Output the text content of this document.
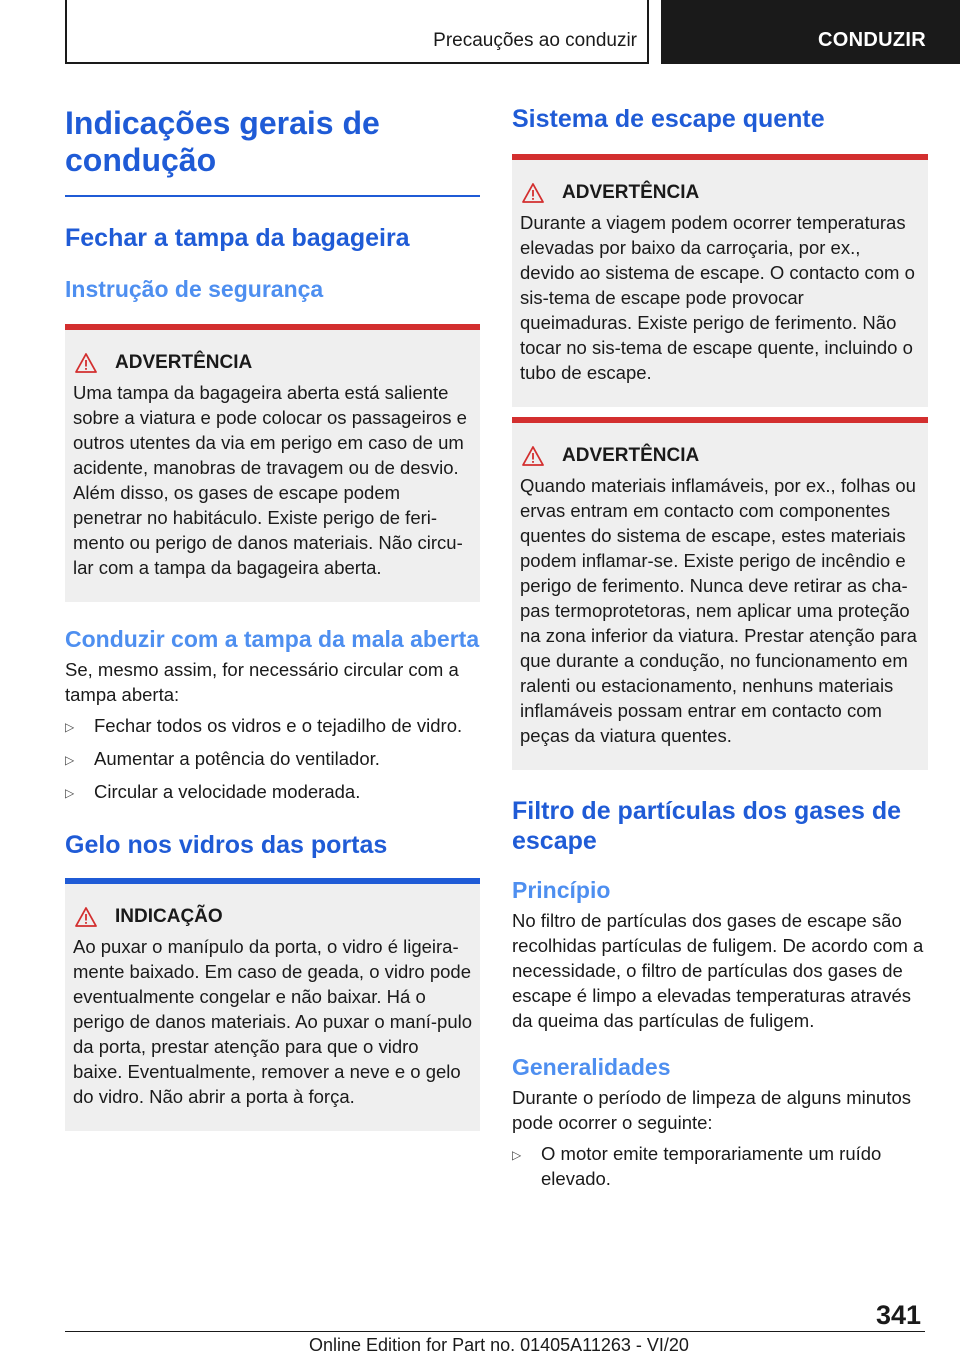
Precauções ao conduzir	CONDUZIR
Indicações gerais de condução
Fechar a tampa da bagageira
Instrução de segurança
ADVERTÊNCIA

Uma tampa da bagageira aberta está saliente sobre a viatura e pode colocar os passageiros e outros utentes da via em perigo em caso de um acidente, manobras de travagem ou de desvio. Além disso, os gases de escape podem penetrar no habitáculo. Existe perigo de feri-mento ou perigo de danos materiais. Não circu-lar com a tampa da bagageira aberta.

Conduzir com a tampa da mala aberta

Se, mesmo assim, for necessário circular com a tampa aberta:

▷	Fechar todos os vidros e o tejadilho de vidro.
▷	Aumentar a potência do ventilador.
▷	Circular a velocidade moderada.
Gelo nos vidros das portas
INDICAÇÃO

Ao puxar o manípulo da porta, o vidro é ligeira-mente baixado. Em caso de geada, o vidro pode eventualmente congelar e não baixar. Há o perigo de danos materiais. Ao puxar o maní-pulo da porta, prestar atenção para que o vidro baixe. Eventualmente, remover a neve e o gelo do vidro. Não abrir a porta à força.

Sistema de escape quente
ADVERTÊNCIA

Durante a viagem podem ocorrer temperaturas elevadas por baixo da carroçaria, por ex., devido ao sistema de escape. O contacto com o sis-tema de escape pode provocar queimaduras. Existe perigo de ferimento. Não tocar no sis-tema de escape quente, incluindo o tubo de escape.

ADVERTÊNCIA

Quando materiais inflamáveis, por ex., folhas ou ervas entram em contacto com componentes quentes do sistema de escape, estes materiais podem inflamar-se. Existe perigo de incêndio e perigo de ferimento. Nunca deve retirar as cha-pas termoprotetoras, nem aplicar uma proteção na zona inferior da viatura. Prestar atenção para que durante a condução, no funcionamento em ralenti ou estacionamento, nenhuns materiais inflamáveis possam entrar em contacto com peças da viatura quentes.

Filtro de partículas dos gases de escape
Princípio

No filtro de partículas dos gases de escape são recolhidas partículas de fuligem. De acordo com a necessidade, o filtro de partículas dos gases de escape é limpo a elevadas temperaturas através da queima das partículas de fuligem.

Generalidades

Durante o período de limpeza de alguns minutos pode ocorrer o seguinte:

▷	O motor emite temporariamente um ruído elevado.
341
Online Edition for Part no. 01405A11263 - VI/20
